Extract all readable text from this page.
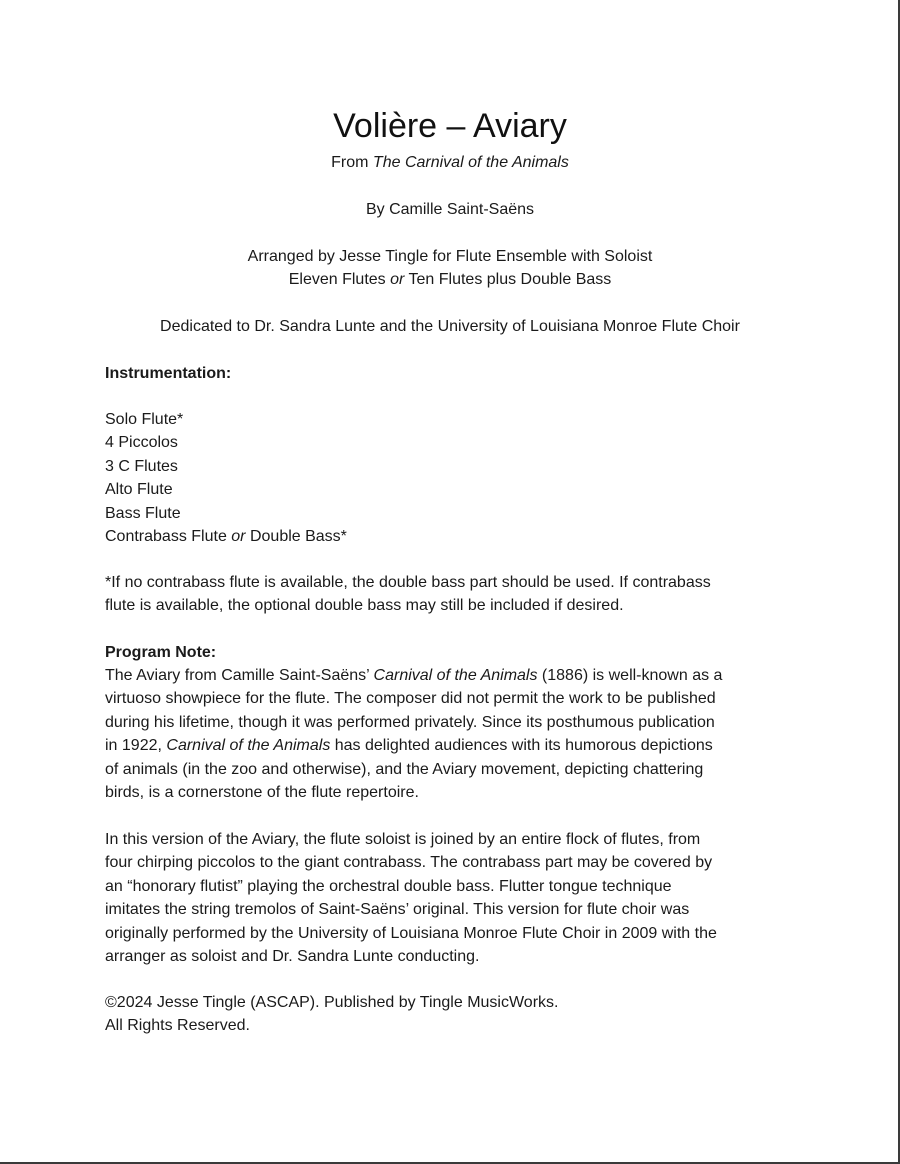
Volière – Aviary
From The Carnival of the Animals
By Camille Saint-Saëns
Arranged by Jesse Tingle for Flute Ensemble with Soloist
Eleven Flutes or Ten Flutes plus Double Bass
Dedicated to Dr. Sandra Lunte and the University of Louisiana Monroe Flute Choir
Instrumentation:
Solo Flute*
4 Piccolos
3 C Flutes
Alto Flute
Bass Flute
Contrabass Flute or Double Bass*
*If no contrabass flute is available, the double bass part should be used. If contrabass
flute is available, the optional double bass may still be included if desired.
Program Note:
The Aviary from Camille Saint-Saëns’ Carnival of the Animals (1886) is well-known as a
virtuoso showpiece for the flute. The composer did not permit the work to be published
during his lifetime, though it was performed privately. Since its posthumous publication
in 1922, Carnival of the Animals has delighted audiences with its humorous depictions
of animals (in the zoo and otherwise), and the Aviary movement, depicting chattering
birds, is a cornerstone of the flute repertoire.
In this version of the Aviary, the flute soloist is joined by an entire flock of flutes, from
four chirping piccolos to the giant contrabass. The contrabass part may be covered by
an “honorary flutist” playing the orchestral double bass. Flutter tongue technique
imitates the string tremolos of Saint-Saëns’ original. This version for flute choir was
originally performed by the University of Louisiana Monroe Flute Choir in 2009 with the
arranger as soloist and Dr. Sandra Lunte conducting.
©2024 Jesse Tingle (ASCAP). Published by Tingle MusicWorks.
All Rights Reserved.
